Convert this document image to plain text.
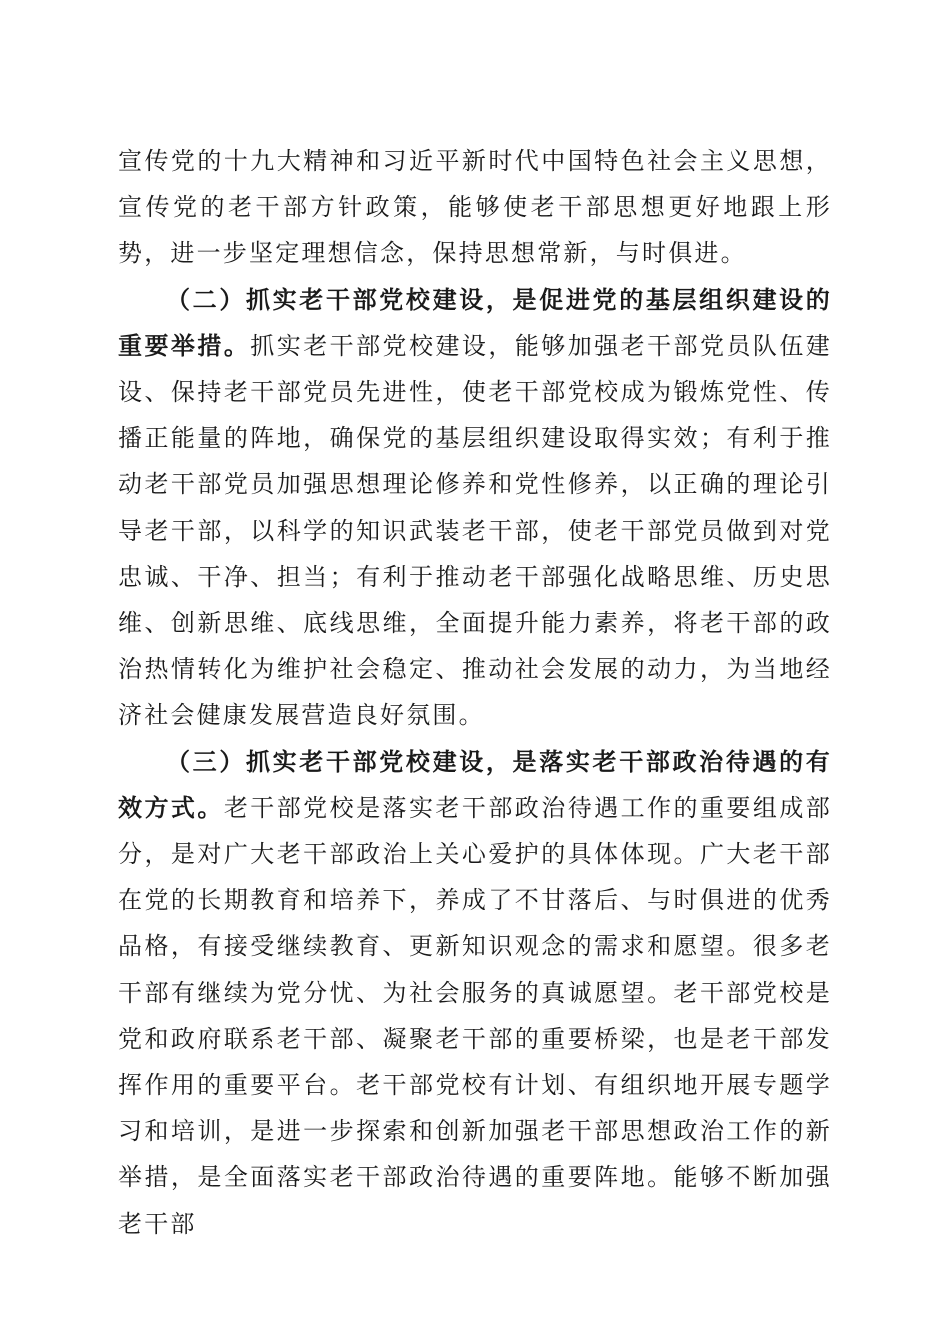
宣传党的十九大精神和习近平新时代中国特色社会主义思想，宣传党的老干部方针政策，能够使老干部思想更好地跟上形势，进一步坚定理想信念，保持思想常新，与时俱进。

（二）抓实老干部党校建设，是促进党的基层组织建设的重要举措。抓实老干部党校建设，能够加强老干部党员队伍建设、保持老干部党员先进性，使老干部党校成为锻炼党性、传播正能量的阵地，确保党的基层组织建设取得实效；有利于推动老干部党员加强思想理论修养和党性修养，以正确的理论引导老干部，以科学的知识武装老干部，使老干部党员做到对党忠诚、干净、担当；有利于推动老干部强化战略思维、历史思维、创新思维、底线思维，全面提升能力素养，将老干部的政治热情转化为维护社会稳定、推动社会发展的动力，为当地经济社会健康发展营造良好氛围。

（三）抓实老干部党校建设，是落实老干部政治待遇的有效方式。老干部党校是落实老干部政治待遇工作的重要组成部分，是对广大老干部政治上关心爱护的具体体现。广大老干部在党的长期教育和培养下，养成了不甘落后、与时俱进的优秀品格，有接受继续教育、更新知识观念的需求和愿望。很多老干部有继续为党分忧、为社会服务的真诚愿望。老干部党校是党和政府联系老干部、凝聚老干部的重要桥梁，也是老干部发挥作用的重要平台。老干部党校有计划、有组织地开展专题学习和培训，是进一步探索和创新加强老干部思想政治工作的新举措，是全面落实老干部政治待遇的重要阵地。能够不断加强老干部
